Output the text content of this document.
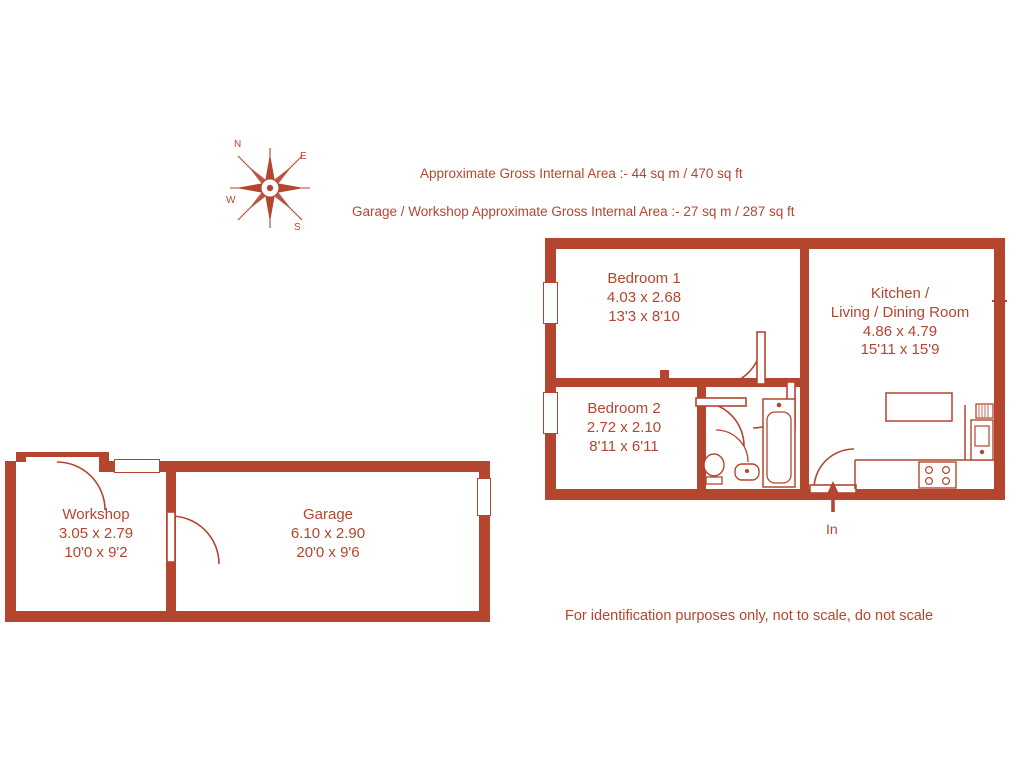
N
E
S
W
Approximate Gross Internal Area :- 44 sq m / 470 sq ft
Garage / Workshop Approximate Gross Internal Area :- 27 sq m / 287 sq ft
In
Bedroom 1
4.03 x 2.68
13'3 x 8'10
Bedroom 2
2.72 x 2.10
8'11 x 6'11
Kitchen /
Living / Dining Room
4.86 x 4.79
15'11 x 15'9
Workshop
3.05 x 2.79
10'0 x 9'2
Garage
6.10 x 2.90
20'0 x 9'6
For identification purposes only, not to scale, do not scale
